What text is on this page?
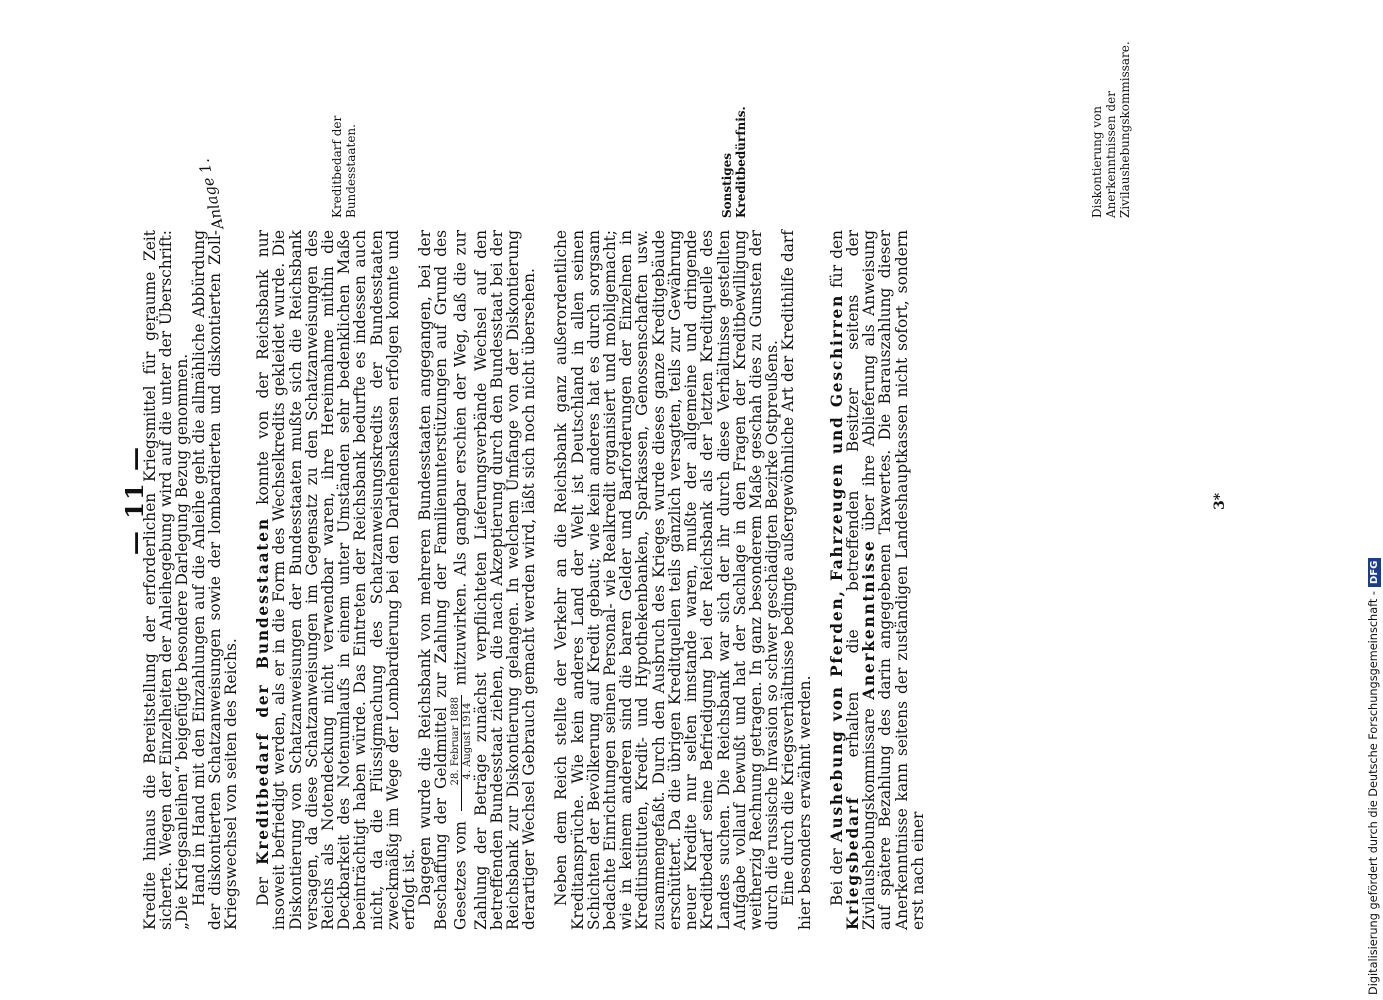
— 11 —

Kredite hinaus die Bereitstellung der erforderlichen Kriegsmittel für geraume Zeit sicherte. Wegen der Einzelheiten der Anleihegebung wird auf die unter der Überschrift: „Die Kriegsanleihen“ beigefügte besondere Darlegung Bezug genommen.

Hand in Hand mit den Einzahlungen auf die Anleihe geht die allmähliche Abbürdung der diskontierten Schatzanweisungen sowie der lombardierten und diskontierten Zoll-Kriegswechsel von seiten des Reichs. Der Kreditbedarf der Bundesstaaten konnte von der Reichsbank nur insoweit befriedigt werden, als er in die Form des Wechselkredits gekleidet wurde. Die Diskontierung von Schatzanweisungen der Bundesstaaten mußte sich die Reichsbank versagen, da diese Schatzanweisungen im Gegensatz zu den Schatzanweisungen des Reichs als Notendeckung nicht verwendbar waren, ihre Hereinnahme mithin die Deckbarkeit des Notenumlaufs in einem unter Umständen sehr bedenklichen Maße beeinträchtigt haben würde. Das Eintreten der Reichsbank bedurfte es indessen auch nicht, da die Flüssigmachung des Schatzanweisungskredits der Bundesstaaten zweckmäßig im Wege der Lombardierung bei den Darlehenskassen erfolgen konnte und erfolgt ist.

Dagegen wurde die Reichsbank von mehreren Bundesstaaten angegangen, bei der Beschaffung der Geldmittel zur Zahlung der Familienunterstützungen auf Grund des Gesetzes vom
28. Februar 1888 4. August 1914
mitzuwirken. Als gangbar erschien der Weg, daß die zur Zahlung der Beträge zunächst verpflichteten Lieferungsverbände Wechsel auf den betreffenden Bundesstaat ziehen, die nach Akzeptierung durch den Bundesstaat bei der Reichsbank zur Diskontierung gelangen. In welchem Umfange von der Diskontierung derartiger Wechsel Gebrauch gemacht werden wird, läßt sich noch nicht übersehen. Neben dem Reich stellte der Verkehr an die Reichsbank ganz außerordentliche Kreditansprüche. Wie kein anderes Land der Welt ist Deutschland in allen seinen Schichten der Bevölkerung auf Kredit gebaut; wie kein anderes hat es durch sorgsam bedachte Einrichtungen seinen Personal- wie Realkredit organisiert und mobilgemacht; wie in keinem anderen sind die baren Gelder und Barforderungen der Einzelnen in Kreditinstituten, Kredit- und Hypothekenbanken, Sparkassen, Genossenschaften usw. zusammengefaßt. Durch den Ausbruch des Krieges wurde dieses ganze Kreditgebäude erschüttert. Da die übrigen Kreditquellen teils gänzlich versagten, teils zur Gewährung neuer Kredite nur selten imstande waren, mußte der allgemeine und dringende Kreditbedarf seine Befriedigung bei der Reichsbank als der letzten Kreditquelle des Landes suchen. Die Reichsbank war sich der ihr durch diese Verhältnisse gestellten Aufgabe vollauf bewußt und hat der Sachlage in den Fragen der Kreditbewilligung weitherzig Rechnung getragen. In ganz besonderem Maße geschah dies zu Gunsten der durch die russische Invasion so schwer geschädigten Bezirke Ostpreußens.

Eine durch die Kriegsverhältnisse bedingte außergewöhnliche Art der Kredithilfe darf hier besonders erwähnt werden. Bei der Aushebung von Pferden, Fahrzeugen und Geschirren für den Kriegsbedarf erhalten die betreffenden Besitzer seitens der Zivilaushebungskommissare Anerkenntnisse über ihre Ablieferung als Anweisung auf spätere Bezahlung des darin angegebenen Taxwertes. Die Barauszahlung dieser Anerkenntnisse kann seitens der zuständigen Landeshauptkassen nicht sofort, sondern erst nach einer

Anlage 1.	Kreditbedarf der Bundesstaaten.	Sonstiges Kreditbedürfnis.	Diskontierung von Anerkenntnissen der Zivilaushebungskommissare.
3*
Digitalisierung gefördert durch die Deutsche Forschungsgemeinschaft -DFG
